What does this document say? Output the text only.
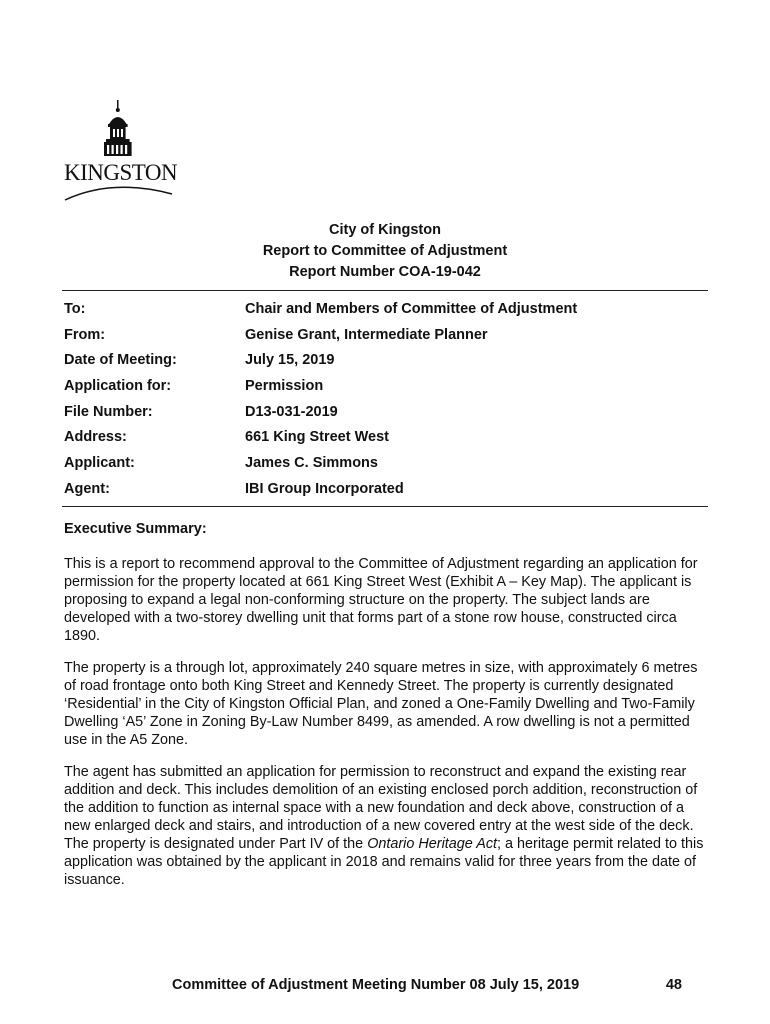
KINGSTON
City of Kingston
Report to Committee of Adjustment
Report Number COA-19-042
To:	Chair and Members of Committee of Adjustment
From:	Genise Grant, Intermediate Planner
Date of Meeting:	July 15, 2019
Application for:	Permission
File Number:	D13-031-2019
Address:	661 King Street West
Applicant:	James C. Simmons
Agent:	IBI Group Incorporated
Executive Summary:

This is a report to recommend approval to the Committee of Adjustment regarding an application for permission for the property located at 661 King Street West (Exhibit A – Key Map). The applicant is proposing to expand a legal non-conforming structure on the property. The subject lands are developed with a two-storey dwelling unit that forms part of a stone row house, constructed circa 1890.

The property is a through lot, approximately 240 square metres in size, with approximately 6 metres of road frontage onto both King Street and Kennedy Street. The property is currently designated ‘Residential’ in the City of Kingston Official Plan, and zoned a One-Family Dwelling and Two-Family Dwelling ‘A5’ Zone in Zoning By-Law Number 8499, as amended. A row dwelling is not a permitted use in the A5 Zone.

The agent has submitted an application for permission to reconstruct and expand the existing rear addition and deck. This includes demolition of an existing enclosed porch addition, reconstruction of the addition to function as internal space with a new foundation and deck above, construction of a new enlarged deck and stairs, and introduction of a new covered entry at the west side of the deck. The property is designated under Part IV of the Ontario Heritage Act; a heritage permit related to this application was obtained by the applicant in 2018 and remains valid for three years from the date of issuance.

Committee of Adjustment Meeting Number 08 July 15, 2019	48
